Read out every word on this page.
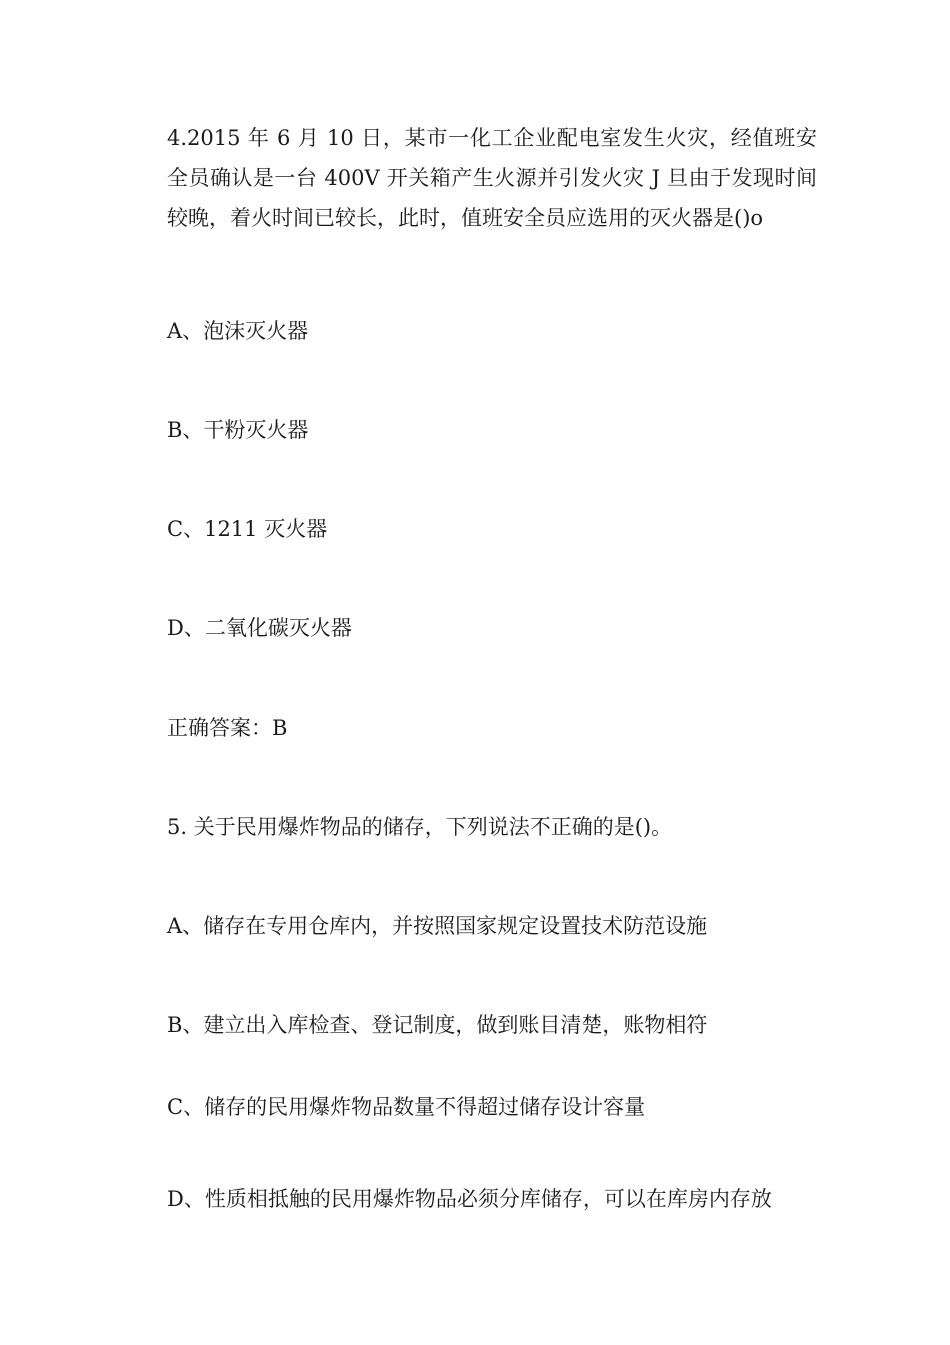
4.2015 年 6 月 10 日，某市一化工企业配电室发生火灾，经值班安全员确认是一台 400V 开关箱产生火源并引发火灾 J 旦由于发现时间较晚，着火时间已较长，此时，值班安全员应选用的灭火器是()o
A、泡沫灭火器
B、干粉灭火器
C、1211 灭火器
D、二氧化碳灭火器
正确答案：B
5. 关于民用爆炸物品的储存，下列说法不正确的是()。
A、储存在专用仓库内，并按照国家规定设置技术防范设施
B、建立出入库检查、登记制度，做到账目清楚，账物相符
C、储存的民用爆炸物品数量不得超过储存设计容量
D、性质相抵触的民用爆炸物品必须分库储存，可以在库房内存放
